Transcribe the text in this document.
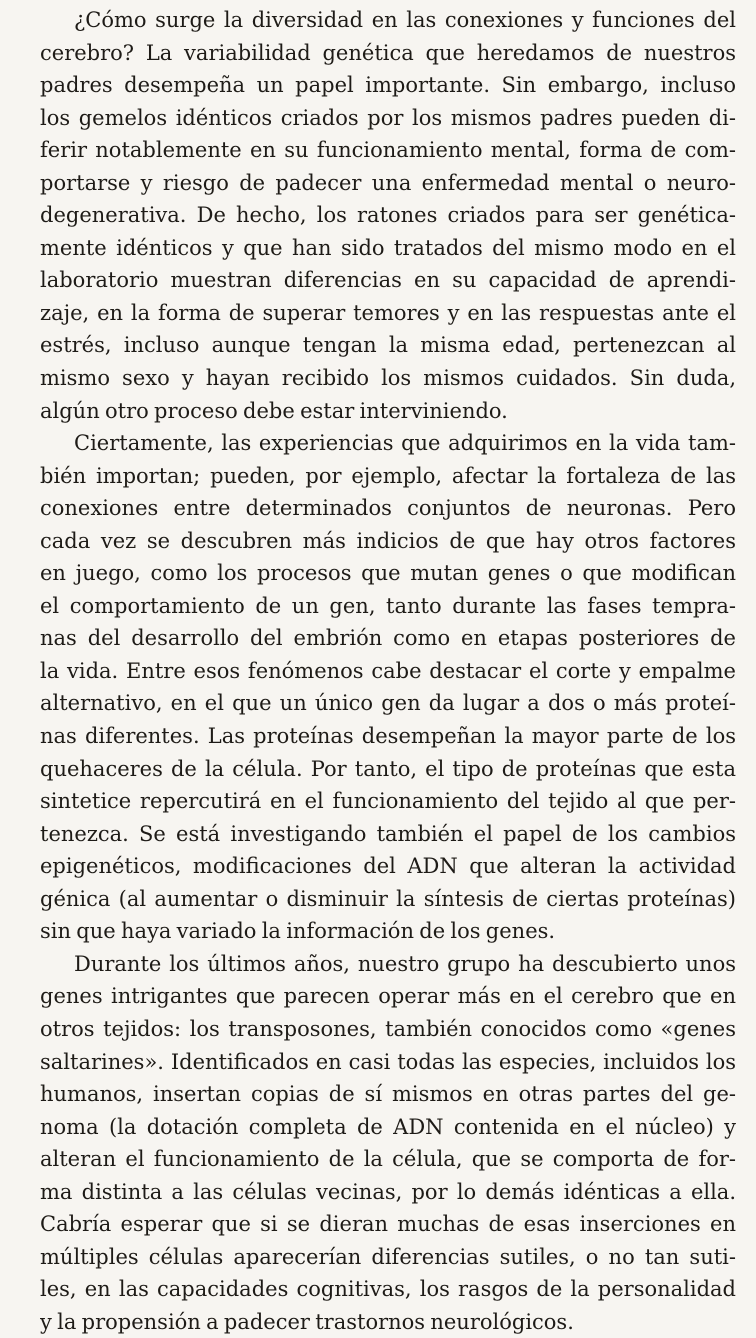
¿Cómo surge la diversidad en las conexiones y funciones del
cerebro? La variabilidad genética que heredamos de nuestros
padres desempeña un papel importante. Sin embargo, incluso
los gemelos idénticos criados por los mismos padres pueden di-
ferir notablemente en su funcionamiento mental, forma de com-
portarse y riesgo de padecer una enfermedad mental o neuro-
degenerativa. De hecho, los ratones criados para ser genética-
mente idénticos y que han sido tratados del mismo modo en el
laboratorio muestran diferencias en su capacidad de aprendi-
zaje, en la forma de superar temores y en las respuestas ante el
estrés, incluso aunque tengan la misma edad, pertenezcan al
mismo sexo y hayan recibido los mismos cuidados. Sin duda,
algún otro proceso debe estar interviniendo.
Ciertamente, las experiencias que adquirimos en la vida tam-
bién importan; pueden, por ejemplo, afectar la fortaleza de las
conexiones entre determinados conjuntos de neuronas. Pero
cada vez se descubren más indicios de que hay otros factores
en juego, como los procesos que mutan genes o que modifican
el comportamiento de un gen, tanto durante las fases tempra-
nas del desarrollo del embrión como en etapas posteriores de
la vida. Entre esos fenómenos cabe destacar el corte y empalme
alternativo, en el que un único gen da lugar a dos o más proteí-
nas diferentes. Las proteínas desempeñan la mayor parte de los
quehaceres de la célula. Por tanto, el tipo de proteínas que esta
sintetice repercutirá en el funcionamiento del tejido al que per-
tenezca. Se está investigando también el papel de los cambios
epigenéticos, modificaciones del ADN que alteran la actividad
génica (al aumentar o disminuir la síntesis de ciertas proteínas)
sin que haya variado la información de los genes.
Durante los últimos años, nuestro grupo ha descubierto unos
genes intrigantes que parecen operar más en el cerebro que en
otros tejidos: los transposones, también conocidos como «genes
saltarines». Identificados en casi todas las especies, incluidos los
humanos, insertan copias de sí mismos en otras partes del ge-
noma (la dotación completa de ADN contenida en el núcleo) y
alteran el funcionamiento de la célula, que se comporta de for-
ma distinta a las células vecinas, por lo demás idénticas a ella.
Cabría esperar que si se dieran muchas de esas inserciones en
múltiples células aparecerían diferencias sutiles, o no tan suti-
les, en las capacidades cognitivas, los rasgos de la personalidad
y la propensión a padecer trastornos neurológicos.
